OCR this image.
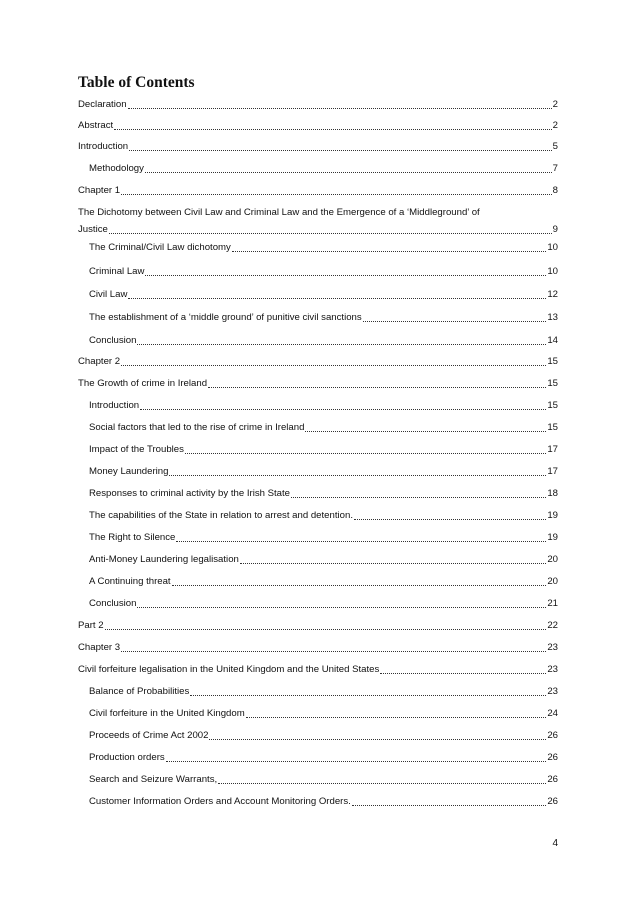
Table of Contents
Declaration	2
Abstract	2
Introduction	5
Methodology	7
Chapter 1	8
The Dichotomy between Civil Law and Criminal Law and the Emergence of a ‘Middleground’ of
Justice	9
The Criminal/Civil Law dichotomy	10
Criminal Law	10
Civil Law	12
The establishment of a ‘middle ground’ of punitive civil sanctions	13
Conclusion	14
Chapter 2	15
The Growth of crime in Ireland	15
Introduction	15
Social factors that led to the rise of crime in Ireland	15
Impact of the Troubles	17
Money Laundering	17
Responses to criminal activity by the Irish State	18
The capabilities of the State in relation to arrest and detention.	19
The Right to Silence	19
Anti-Money Laundering legalisation	20
A Continuing threat	20
Conclusion	21
Part 2	22
Chapter 3	23
Civil forfeiture legalisation in the United Kingdom and the United States	23
Balance of Probabilities	23
Civil forfeiture in the United Kingdom	24
Proceeds of Crime Act 2002	26
Production orders	26
Search and Seizure Warrants,	26
Customer Information Orders and Account Monitoring Orders.	26
4
